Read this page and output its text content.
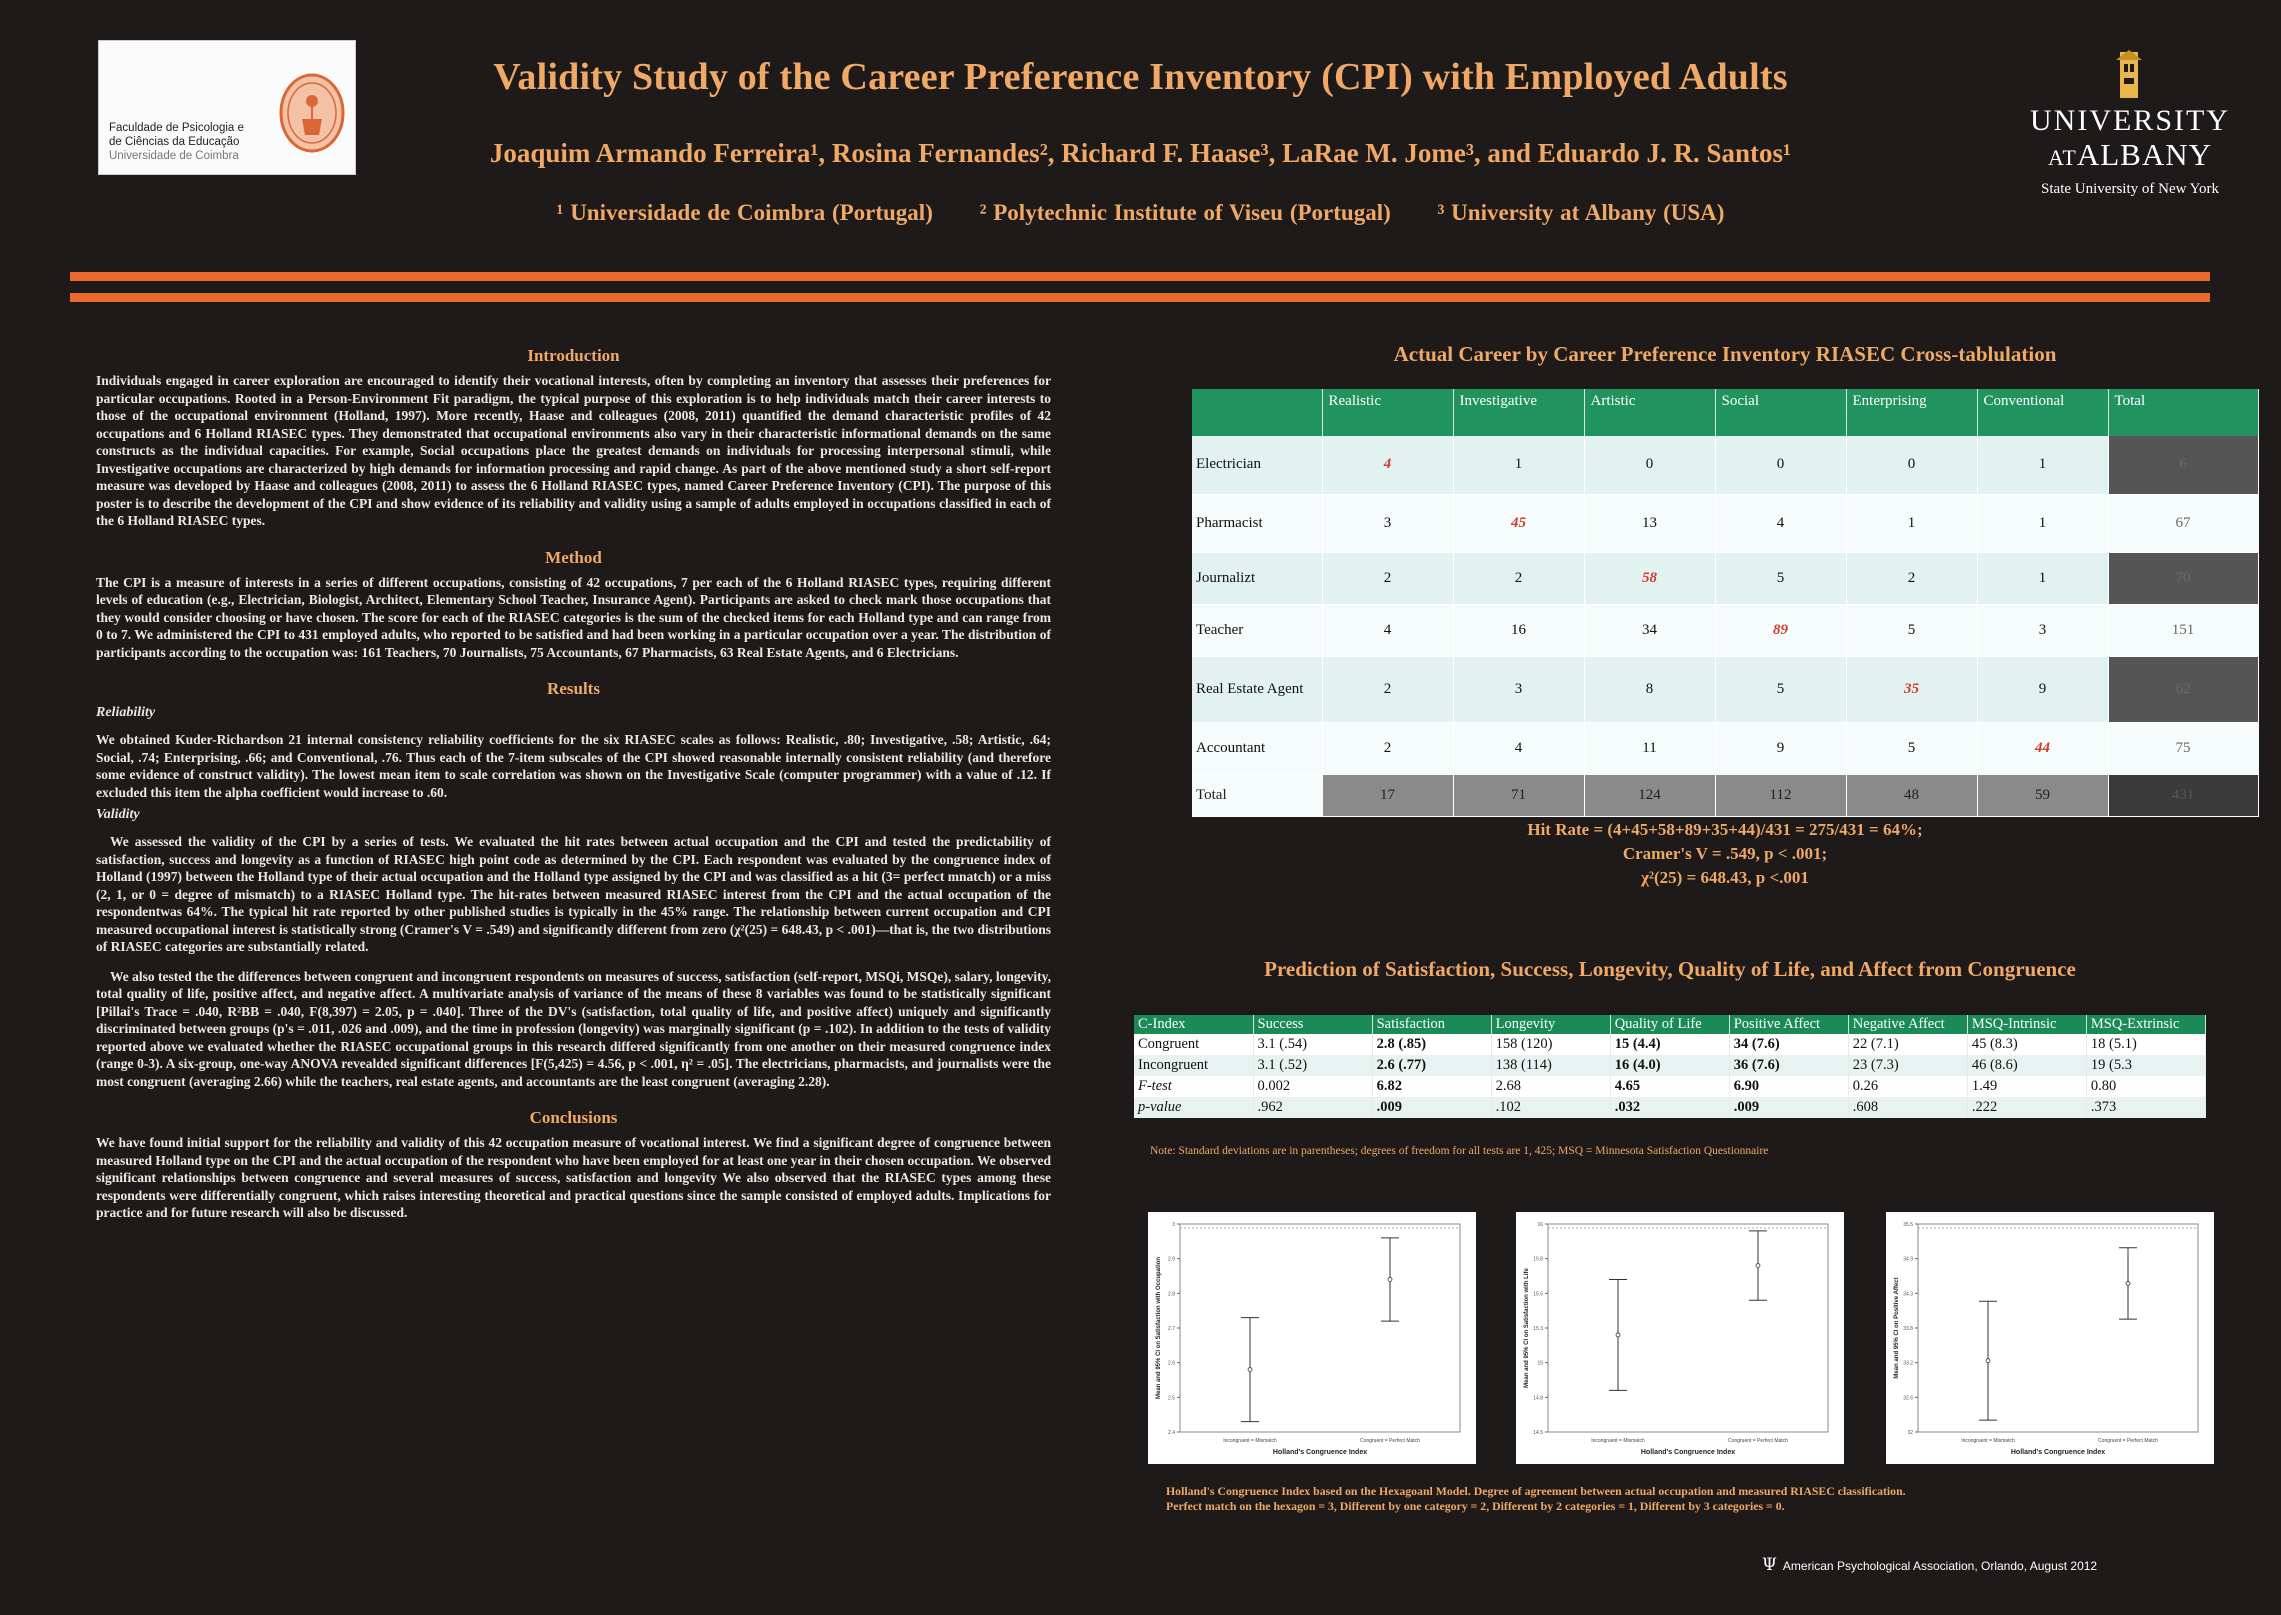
Faculdade de Psicologia e
de Ciências da Educação
Universidade de Coimbra
Validity Study of the Career Preference Inventory (CPI) with Employed Adults
Joaquim Armando Ferreira¹, Rosina Fernandes², Richard F. Haase³, LaRae M. Jome³, and Eduardo J. R. Santos¹
¹ Universidade de Coimbra (Portugal) ² Polytechnic Institute of Viseu (Portugal) ³ University at Albany (USA)
UNIVERSITY
ATALBANY
State University of New York
Introduction
Individuals engaged in career exploration are encouraged to identify their vocational interests, often by completing an inventory that assesses their preferences for particular occupations. Rooted in a Person-Environment Fit paradigm, the typical purpose of this exploration is to help individuals match their career interests to those of the occupational environment (Holland, 1997). More recently, Haase and colleagues (2008, 2011) quantified the demand characteristic profiles of 42 occupations and 6 Holland RIASEC types. They demonstrated that occupational environments also vary in their characteristic informational demands on the same constructs as the individual capacities. For example, Social occupations place the greatest demands on individuals for processing interpersonal stimuli, while Investigative occupations are characterized by high demands for information processing and rapid change. As part of the above mentioned study a short self-report measure was developed by Haase and colleagues (2008, 2011) to assess the 6 Holland RIASEC types, named Career Preference Inventory (CPI). The purpose of this poster is to describe the development of the CPI and show evidence of its reliability and validity using a sample of adults employed in occupations classified in each of the 6 Holland RIASEC types.
Method
The CPI is a measure of interests in a series of different occupations, consisting of 42 occupations, 7 per each of the 6 Holland RIASEC types, requiring different levels of education (e.g., Electrician, Biologist, Architect, Elementary School Teacher, Insurance Agent). Participants are asked to check mark those occupations that they would consider choosing or have chosen. The score for each of the RIASEC categories is the sum of the checked items for each Holland type and can range from 0 to 7. We administered the CPI to 431 employed adults, who reported to be satisfied and had been working in a particular occupation over a year. The distribution of participants according to the occupation was: 161 Teachers, 70 Journalists, 75 Accountants, 67 Pharmacists, 63 Real Estate Agents, and 6 Electricians.
Results
Reliability
We obtained Kuder-Richardson 21 internal consistency reliability coefficients for the six RIASEC scales as follows: Realistic, .80; Investigative, .58; Artistic, .64; Social, .74; Enterprising, .66; and Conventional, .76. Thus each of the 7-item subscales of the CPI showed reasonable internally consistent reliability (and therefore some evidence of construct validity). The lowest mean item to scale correlation was shown on the Investigative Scale (computer programmer) with a value of .12. If excluded this item the alpha coefficient would increase to .60.
Validity
We assessed the validity of the CPI by a series of tests. We evaluated the hit rates between actual occupation and the CPI and tested the predictability of satisfaction, success and longevity as a function of RIASEC high point code as determined by the CPI. Each respondent was evaluated by the congruence index of Holland (1997) between the Holland type of their actual occupation and the Holland type assigned by the CPI and was classified as a hit (3= perfect mnatch) or a miss (2, 1, or 0 = degree of mismatch) to a RIASEC Holland type. The hit-rates between measured RIASEC interest from the CPI and the actual occupation of the respondentwas 64%. The typical hit rate reported by other published studies is typically in the 45% range. The relationship between current occupation and CPI measured occupational interest is statistically strong (Cramer's V = .549) and significantly different from zero (χ²(25) = 648.43, p < .001)—that is, the two distributions of RIASEC categories are substantially related.
We also tested the the differences between congruent and incongruent respondents on measures of success, satisfaction (self-report, MSQi, MSQe), salary, longevity, total quality of life, positive affect, and negative affect. A multivariate analysis of variance of the means of these 8 variables was found to be statistically significant [Pillai's Trace = .040, R²BB = .040, F(8,397) = 2.05, p = .040]. Three of the DV's (satisfaction, total quality of life, and positive affect) uniquely and significantly discriminated between groups (p's = .011, .026 and .009), and the time in profession (longevity) was marginally significant (p = .102). In addition to the tests of validity reported above we evaluated whether the RIASEC occupational groups in this research differed significantly from one another on their measured congruence index (range 0-3). A six-group, one-way ANOVA revealded significant differences [F(5,425) = 4.56, p < .001, η² = .05]. The electricians, pharmacists, and journalists were the most congruent (averaging 2.66) while the teachers, real estate agents, and accountants are the least congruent (averaging 2.28).
Conclusions
We have found initial support for the reliability and validity of this 42 occupation measure of vocational interest. We find a significant degree of congruence between measured Holland type on the CPI and the actual occupation of the respondent who have been employed for at least one year in their chosen occupation. We observed significant relationships between congruence and several measures of success, satisfaction and longevity We also observed that the RIASEC types among these respondents were differentially congruent, which raises interesting theoretical and practical questions since the sample consisted of employed adults. Implications for practice and for future research will also be discussed.
Actual Career by Career Preference Inventory RIASEC Cross-tablulation
	Realistic	Investigative	Artistic	Social	Enterprising	Conventional	Total
Electrician	4	1	0	0	0	1	6
Pharmacist	3	45	13	4	1	1	67
Journalizt	2	2	58	5	2	1	70
Teacher	4	16	34	89	5	3	151
Real Estate Agent	2	3	8	5	35	9	62
Accountant	2	4	11	9	5	44	75
Total	17	71	124	112	48	59	431
Hit Rate = (4+45+58+89+35+44)/431 = 275/431 = 64%;
Cramer's V = .549, p < .001;
χ²(25) = 648.43, p <.001
Prediction of Satisfaction, Success, Longevity, Quality of Life, and Affect from Congruence
C-Index	Success	Satisfaction	Longevity	Quality of Life	Positive Affect	Negative Affect	MSQ-Intrinsic	MSQ-Extrinsic
Congruent	3.1 (.54)	2.8 (.85)	158 (120)	15 (4.4)	34 (7.6)	22 (7.1)	45 (8.3)	18 (5.1)
Incongruent	3.1 (.52)	2.6 (.77)	138 (114)	16 (4.0)	36 (7.6)	23 (7.3)	46 (8.6)	19 (5.3
F-test	0.002	6.82	2.68	4.65	6.90	0.26	1.49	0.80
p-value	.962	.009	.102	.032	.009	.608	.222	.373
Note: Standard deviations are in parentheses; degrees of freedom for all tests are 1, 425; MSQ = Minnesota Satisfaction Questionnaire
2.4
2.5
2.6
2.7
2.8
2.9
3
Incongruent = Mismatch	Congruent = Perfect Match
Holland's Congruence Index
Mean and 95% CI on Satisfaction with Occupation
14.5
14.8
15
15.3
15.5
15.8
16
Incongruent = Mismatch	Congruent = Perfect Match
Holland's Congruence Index
Mean and 95% CI on Satisfaction with Life
32
32.6
33.2
33.8
34.3
34.9
35.5
Incongruent = Mismatch	Congruent = Perfect Match
Holland's Congruence Index
Mean and 95% CI on Positive Affect
Holland's Congruence Index based on the Hexagoanl Model. Degree of agreement between actual occupation and measured RIASEC classification.
Perfect match on the hexagon = 3, Different by one category = 2, Different by 2 categories = 1, Different by 3 categories = 0.
Ψ American Psychological Association, Orlando, August 2012
